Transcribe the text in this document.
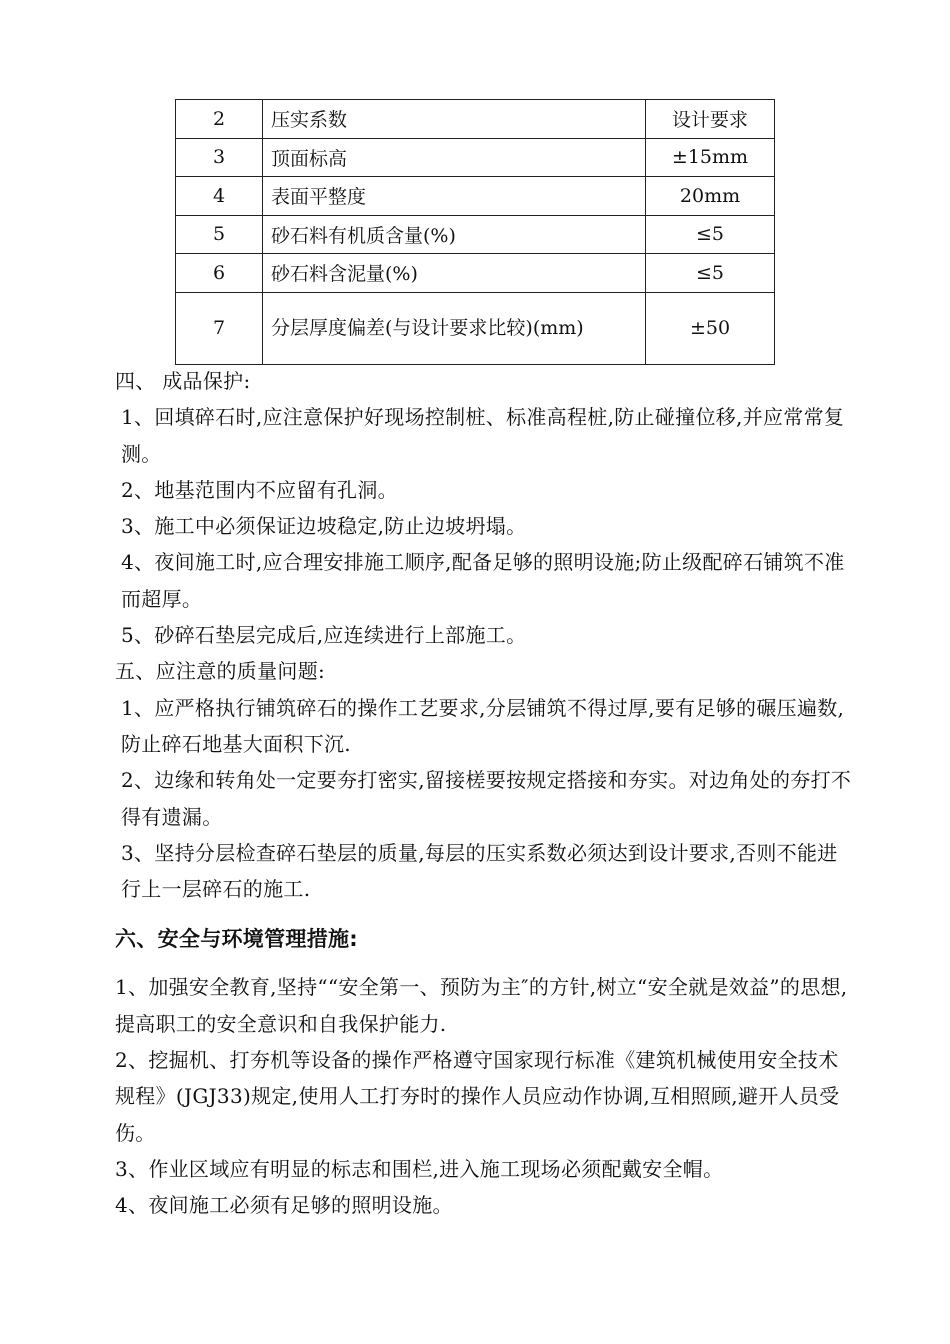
2	压实系数	设计要求
3	顶面标高	±15mm
4	表面平整度	20mm
5	砂石料有机质含量(%)	≤5
6	砂石料含泥量(%)	≤5
7	分层厚度偏差(与设计要求比较)(mm)	±50

四、 成品保护:

1、回填碎石时,应注意保护好现场控制桩、标准高程桩,防止碰撞位移,并应常常复测。

2、地基范围内不应留有孔洞。

3、施工中必须保证边坡稳定,防止边坡坍塌。

4、夜间施工时,应合理安排施工顺序,配备足够的照明设施;防止级配碎石铺筑不准而超厚。

5、砂碎石垫层完成后,应连续进行上部施工。

五、应注意的质量问题:

1、应严格执行铺筑碎石的操作工艺要求,分层铺筑不得过厚,要有足够的碾压遍数,防止碎石地基大面积下沉.

2、边缘和转角处一定要夯打密实,留接槎要按规定搭接和夯实。对边角处的夯打不得有遗漏。

3、坚持分层检查碎石垫层的质量,每层的压实系数必须达到设计要求,否则不能进行上一层碎石的施工.

六、安全与环境管理措施:

1、加强安全教育,坚持““安全第一、预防为主″的方针,树立“安全就是效益”的思想,提高职工的安全意识和自我保护能力.

2、挖掘机、打夯机等设备的操作严格遵守国家现行标准《建筑机械使用安全技术规程》(JGJ33)规定,使用人工打夯时的操作人员应动作协调,互相照顾,避开人员受伤。

3、作业区域应有明显的标志和围栏,进入施工现场必须配戴安全帽。

4、夜间施工必须有足够的照明设施。
